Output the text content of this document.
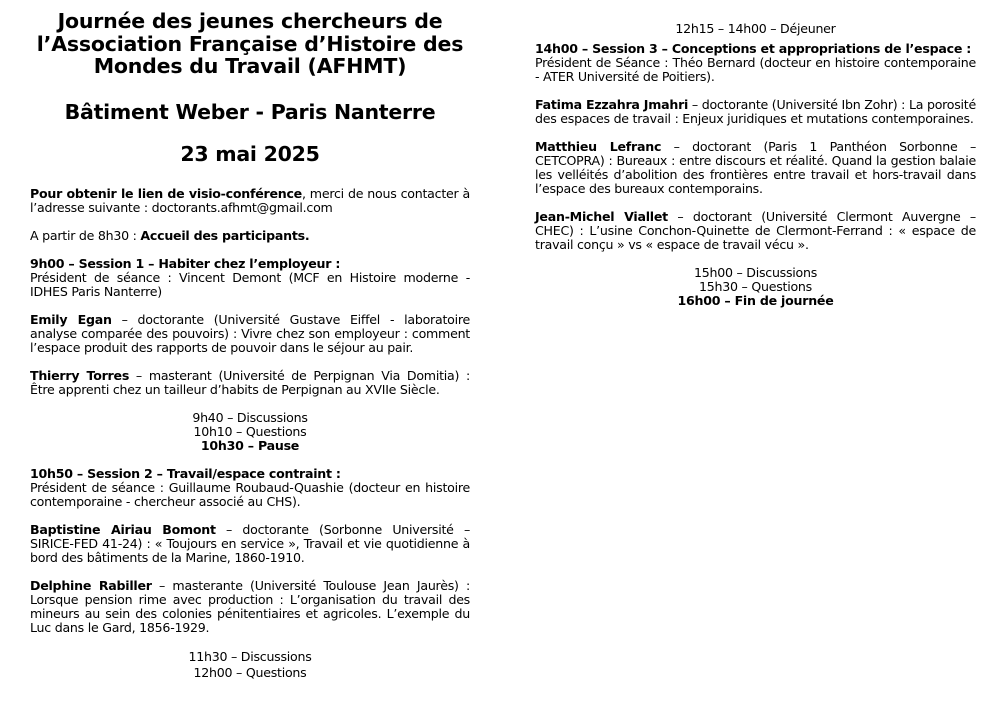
Journée des jeunes chercheurs de
l’Association Française d’Histoire des
Mondes du Travail (AFHMT)
Bâtiment Weber - Paris Nanterre
23 mai 2025

Pour obtenir le lien de visio-conférence, merci de nous contacter à l’adresse suivante : doctorants.afhmt@gmail.com

A partir de 8h30 : Accueil des participants.

9h00 – Session 1 – Habiter chez l’employeur :

Président de séance : Vincent Demont (MCF en Histoire moderne - IDHES Paris Nanterre)

Emily Egan – doctorante (Université Gustave Eiffel - laboratoire analyse comparée des pouvoirs) : Vivre chez son employeur : comment l’espace produit des rapports de pouvoir dans le séjour au pair.

Thierry Torres – masterant (Université de Perpignan Via Domitia) : Être apprenti chez un tailleur d’habits de Perpignan au XVIIe Siècle.

9h40 – Discussions
10h10 – Questions
10h30 – Pause

10h50 – Session 2 – Travail/espace contraint :

Président de séance : Guillaume Roubaud-Quashie (docteur en histoire contemporaine - chercheur associé au CHS).

Baptistine Airiau Bomont – doctorante (Sorbonne Université – SIRICE-FED 41-24) : « Toujours en service », Travail et vie quotidienne à bord des bâtiments de la Marine, 1860-1910.

Delphine Rabiller – masterante (Université Toulouse Jean Jaurès) : Lorsque pension rime avec production : L’organisation du travail des mineurs au sein des colonies pénitentiaires et agricoles. L’exemple du Luc dans le Gard, 1856-1929.

11h30 – Discussions
12h00 – Questions
12h15 – 14h00 – Déjeuner

14h00 – Session 3 – Conceptions et appropriations de l’espace :

Président de Séance : Théo Bernard (docteur en histoire contemporaine - ATER Université de Poitiers).

Fatima Ezzahra Jmahri – doctorante (Université Ibn Zohr) : La porosité des espaces de travail : Enjeux juridiques et mutations contemporaines.

Matthieu Lefranc – doctorant (Paris 1 Panthéon Sorbonne – CETCOPRA) : Bureaux : entre discours et réalité. Quand la gestion balaie les velléités d’abolition des frontières entre travail et hors-travail dans l’espace des bureaux contemporains.

Jean-Michel Viallet – doctorant (Université Clermont Auvergne – CHEC) : L’usine Conchon-Quinette de Clermont-Ferrand : « espace de travail conçu » vs « espace de travail vécu ».

15h00 – Discussions
15h30 – Questions
16h00 – Fin de journée
